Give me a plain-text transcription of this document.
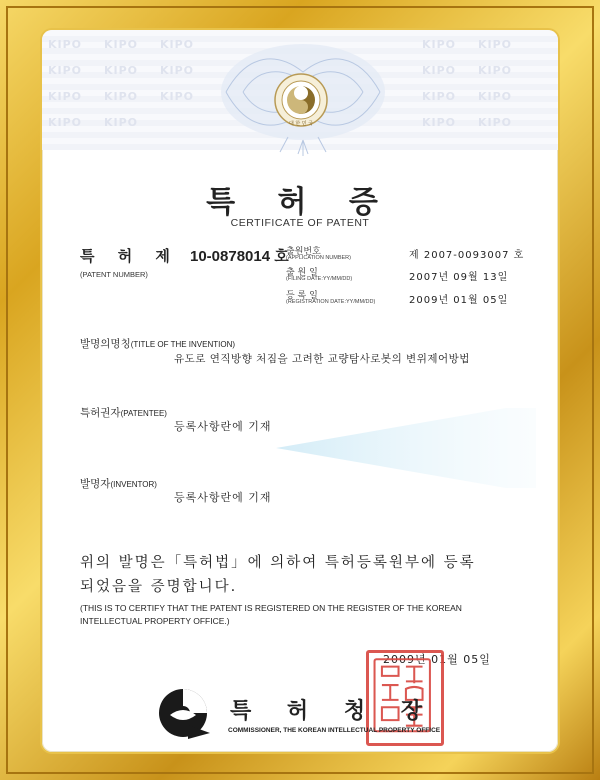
KIPO KIPO KIPO	KIPO KIPO
KIPO KIPO KIPO	KIPO KIPO
KIPO KIPO KIPO	KIPO KIPO
KIPO KIPO	KIPO KIPO
대 한 민 국
특 허 증
CERTIFICATE OF PATENT
특 허 제 10-0878014 호
(PATENT NUMBER)
출원번호
(APPLICATION NUMBER)	제 2007-0093007 호
출 원 일
(FILING DATE:YY/MM/DD)	2007년 09월 13일
등 록 일
(REGISTRATION DATE:YY/MM/DD)	2009년 01월 05일
발명의명칭(TITLE OF THE INVENTION)
유도로 연직방향 처짐을 고려한 교량탐사로봇의 변위제어방법
특허권자(PATENTEE)
등록사항란에 기재
발명자(INVENTOR)
등록사항란에 기재
위의 발명은「특허법」에 의하여 특허등록원부에 등록
되었음을 증명합니다.
(THIS IS TO CERTIFY THAT THE PATENT IS REGISTERED ON THE REGISTER OF THE KOREAN
INTELLECTUAL PROPERTY OFFICE.)
2009년 01월 05일
특 허 청 장
COMMISSIONER, THE KOREAN INTELLECTUAL PROPERTY OFFICE
